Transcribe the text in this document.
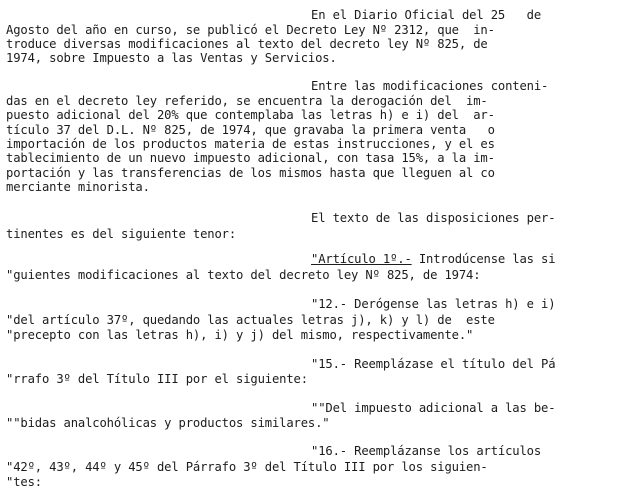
En el Diario Oficial del 25   de
Agosto del año en curso, se publicó el Decreto Ley Nº 2312, que  in-
troduce diversas modificaciones al texto del decreto ley Nº 825, de
1974, sobre Impuesto a las Ventas y Servicios.
Entre las modificaciones conteni-
das en el decreto ley referido, se encuentra la derogación del  im-
puesto adicional del 20% que contemplaba las letras h) e i) del  ar-
tículo 37 del D.L. Nº 825, de 1974, que gravaba la primera venta   o
importación de los productos materia de estas instrucciones, y el es
tablecimiento de un nuevo impuesto adicional, con tasa 15%, a la im-
portación y las transferencias de los mismos hasta que lleguen al co
merciante minorista.
El texto de las disposiciones per-
tinentes es del siguiente tenor:
"Artículo 1º.- Introdúcense las si
"guientes modificaciones al texto del decreto ley Nº 825, de 1974:
"12.- Derógense las letras h) e i)
"del artículo 37º, quedando las actuales letras j), k) y l) de  este
"precepto con las letras h), i) y j) del mismo, respectivamente."
"15.- Reemplázase el título del Pá
"rrafo 3º del Título III por el siguiente:
""Del impuesto adicional a las be-
""bidas analcohólicas y productos similares."
"16.- Reemplázanse los artículos
"42º, 43º, 44º y 45º del Párrafo 3º del Título III por los siguien-
"tes:
